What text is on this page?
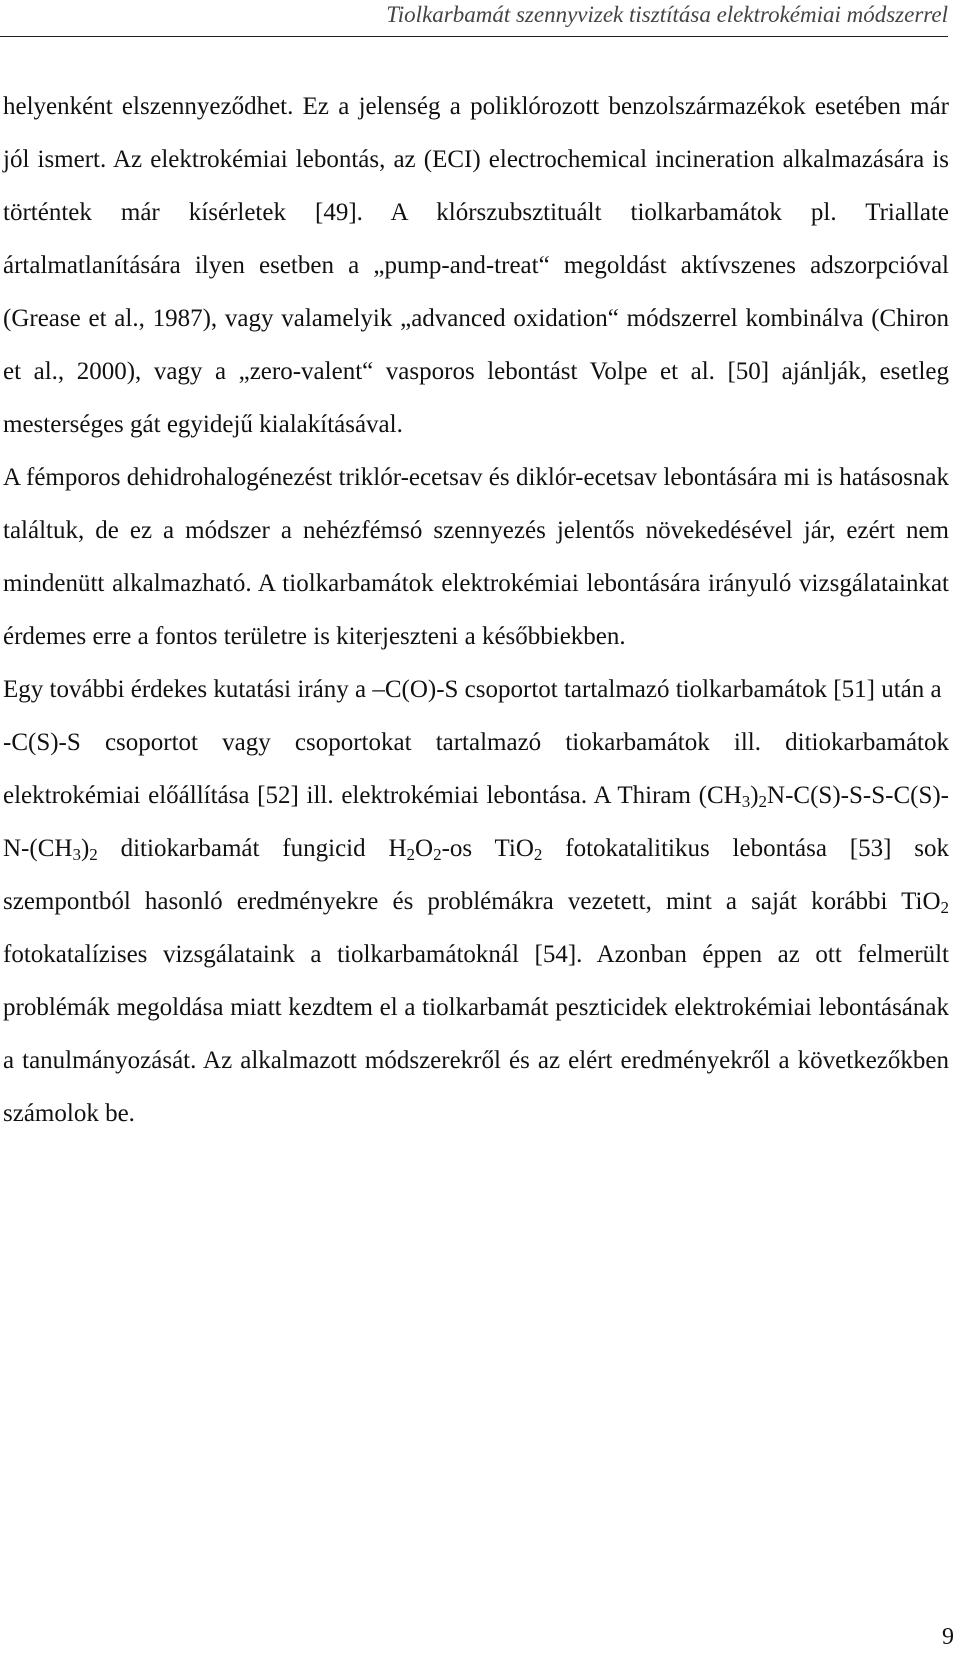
Tiolkarbamát szennyvizek tisztítása elektrokémiai módszerrel

helyenként elszennyeződhet. Ez a jelenség a poliklórozott benzolszármazékok esetében már jól ismert. Az elektrokémiai lebontás, az (ECI) electrochemical incineration alkalmazására is történtek már kísérletek [49]. A klórszubsztituált tiolkarbamátok pl. Triallate ártalmatlanítására ilyen esetben a „pump-and-treat“ megoldást aktívszenes adszorpcióval (Grease et al., 1987), vagy valamelyik „advanced oxidation“ módszerrel kombinálva (Chiron et al., 2000), vagy a „zero-valent“ vasporos lebontást Volpe et al. [50] ajánlják, esetleg mesterséges gát egyidejű kialakításával.

A fémporos dehidrohalogénezést triklór-ecetsav és diklór-ecetsav lebontására mi is hatásosnak találtuk, de ez a módszer a nehézfémsó szennyezés jelentős növekedésével jár, ezért nem mindenütt alkalmazható. A tiolkarbamátok elektrokémiai lebontására irányuló vizsgálatainkat érdemes erre a fontos területre is kiterjeszteni a későbbiekben.

Egy további érdekes kutatási irány a –C(O)-S csoportot tartalmazó tiolkarbamátok [51] után a

-C(S)-S csoportot vagy csoportokat tartalmazó tiokarbamátok ill. ditiokarbamátok elektrokémiai előállítása [52] ill. elektrokémiai lebontása. A Thiram $(CH_3)_2N-C(S)-S-S-C(S)-N-(CH_3)_2$ ditiokarbamát fungicid $H_2O_2-os$ TiO$_2$ fotokatalitikus lebontása [53] sok szempontból hasonló eredményekre és problémákra vezetett, mint a saját korábbi TiO$_2$ fotokatalízises vizsgálataink a tiolkarbamátoknál [54]. Azonban éppen az ott felmerült problémák megoldása miatt kezdtem el a tiolkarbamát peszticidek elektrokémiai lebontásának a tanulmányozását. Az alkalmazott módszerekről és az elért eredményekről a következőkben számolok be.

9
